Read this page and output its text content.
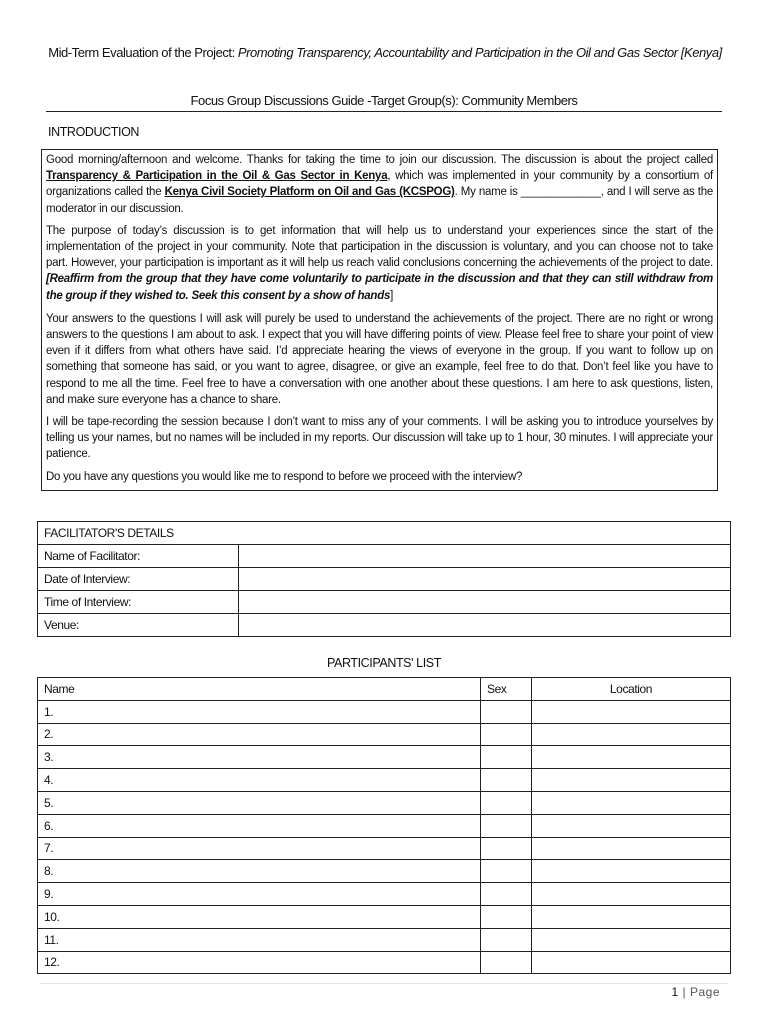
Mid-Term Evaluation of the Project: Promoting Transparency, Accountability and Participation in the Oil and Gas Sector [Kenya]
Focus Group Discussions Guide -Target Group(s): Community Members
INTRODUCTION

Good morning/afternoon and welcome. Thanks for taking the time to join our discussion. The discussion is about the project called Transparency & Participation in the Oil & Gas Sector in Kenya, which was implemented in your community by a consortium of organizations called the Kenya Civil Society Platform on Oil and Gas (KCSPOG). My name is _____________, and I will serve as the moderator in our discussion.

The purpose of today’s discussion is to get information that will help us to understand your experiences since the start of the implementation of the project in your community. Note that participation in the discussion is voluntary, and you can choose not to take part. However, your participation is important as it will help us reach valid conclusions concerning the achievements of the project to date. [Reaffirm from the group that they have come voluntarily to participate in the discussion and that they can still withdraw from the group if they wished to. Seek this consent by a show of hands]

Your answers to the questions I will ask will purely be used to understand the achievements of the project. There are no right or wrong answers to the questions I am about to ask. I expect that you will have differing points of view. Please feel free to share your point of view even if it differs from what others have said. I’d appreciate hearing the views of everyone in the group. If you want to follow up on something that someone has said, or you want to agree, disagree, or give an example, feel free to do that. Don’t feel like you have to respond to me all the time. Feel free to have a conversation with one another about these questions. I am here to ask questions, listen, and make sure everyone has a chance to share.

I will be tape-recording the session because I don’t want to miss any of your comments. I will be asking you to introduce yourselves by telling us your names, but no names will be included in my reports. Our discussion will take up to 1 hour, 30 minutes. I will appreciate your patience.

Do you have any questions you would like me to respond to before we proceed with the interview?

FACILITATOR'S DETAILS	
Name of Facilitator:	
Date of Interview:	
Time of Interview:	
Venue:	
PARTICIPANTS' LIST
Name	Sex	Location
1.		
2.		
3.		
4.		
5.		
6.		
7.		
8.		
9.		
10.		
11.		
12.		
1 | Page
